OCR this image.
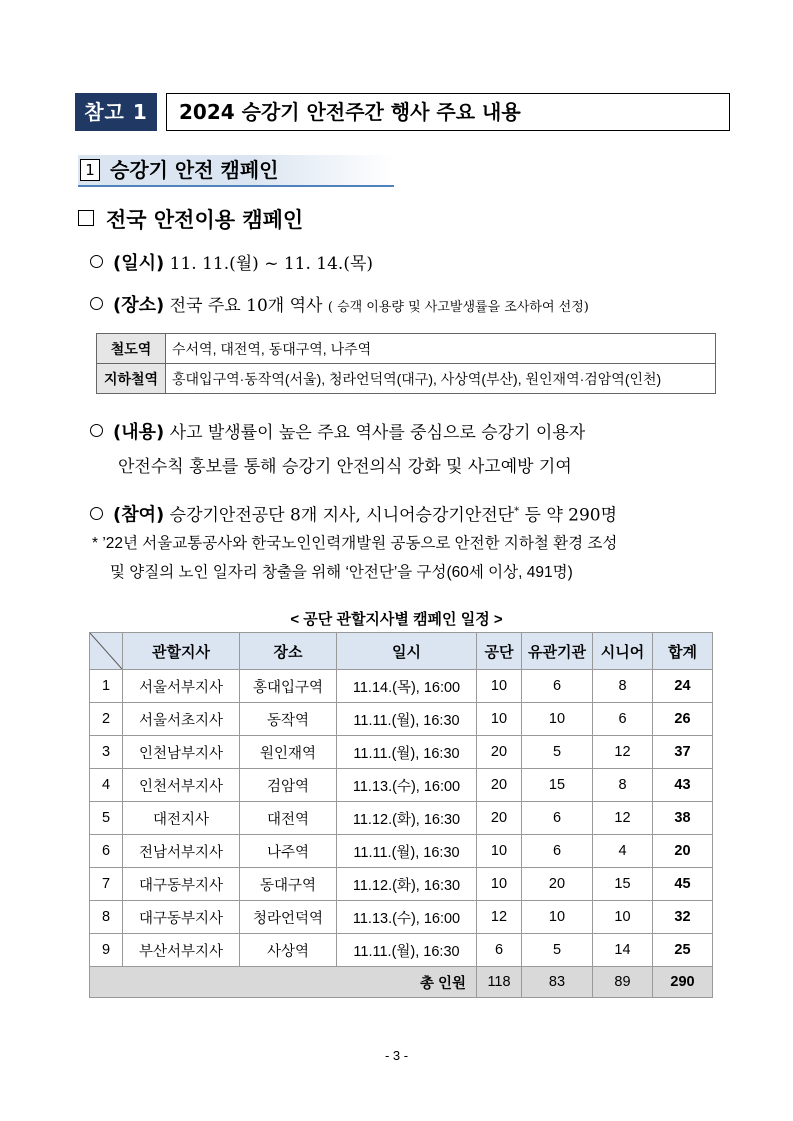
참고 1	2024 승강기 안전주간 행사 주요 내용
1 승강기 안전 캠페인
전국 안전이용 캠페인
(일시) 11. 11.(월) ~ 11. 14.(목)
(장소) 전국 주요 10개 역사 ( 승객 이용량 및 사고발생률을 조사하여 선정)
철도역	수서역, 대전역, 동대구역, 나주역
지하철역	홍대입구역·동작역(서울), 청라언덕역(대구), 사상역(부산), 원인재역·검암역(인천)
(내용) 사고 발생률이 높은 주요 역사를 중심으로 승강기 이용자
안전수칙 홍보를 통해 승강기 안전의식 강화 및 사고예방 기여
(참여) 승강기안전공단 8개 지사, 시니어승강기안전단* 등 약 290명
* ’22년 서울교통공사와 한국노인인력개발원 공동으로 안전한 지하철 환경 조성
및 양질의 노인 일자리 창출을 위해 ‘안전단’을 구성(60세 이상, 491명)
< 공단 관할지사별 캠페인 일정 >
	관할지사	장소	일시	공단	유관기관	시니어	합계
1	서울서부지사	홍대입구역	11.14.(목), 16:00	10	6	8	24
2	서울서초지사	동작역	11.11.(월), 16:30	10	10	6	26
3	인천남부지사	원인재역	11.11.(월), 16:30	20	5	12	37
4	인천서부지사	검암역	11.13.(수), 16:00	20	15	8	43
5	대전지사	대전역	11.12.(화), 16:30	20	6	12	38
6	전남서부지사	나주역	11.11.(월), 16:30	10	6	4	20
7	대구동부지사	동대구역	11.12.(화), 16:30	10	20	15	45
8	대구동부지사	청라언덕역	11.13.(수), 16:00	12	10	10	32
9	부산서부지사	사상역	11.11.(월), 16:30	6	5	14	25
총 인원				118	83	89	290
- 3 -
